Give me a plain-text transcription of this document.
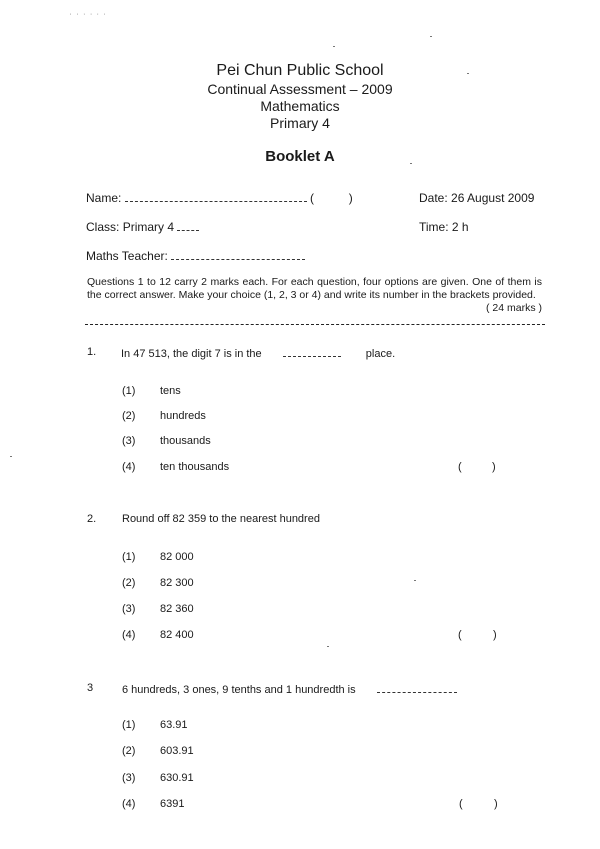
' ' ' ' ' '
Pei Chun Public School
Continual Assessment – 2009
Mathematics
Primary 4
Booklet A
Name:	(	)	Date: 26 August 2009
Class: Primary 4	Time: 2 h
Maths Teacher:
Questions 1 to 12 carry 2 marks each. For each question, four options are given. One of them is the correct answer. Make your choice (1, 2, 3 or 4) and write its number in the brackets provided.
( 24 marks )
1. In 47 513, the digit 7 is in the	place.
(1) tens
(2) hundreds
(3) thousands
(4) ten thousands	(	)
2. Round off 82 359 to the nearest hundred
(1) 82 000
(2) 82 300
(3) 82 360
(4) 82 400	(	)
3	6 hundreds, 3 ones, 9 tenths and 1 hundredth is
(1) 63.91
(2) 603.91
(3) 630.91
(4) 6391	(	)
